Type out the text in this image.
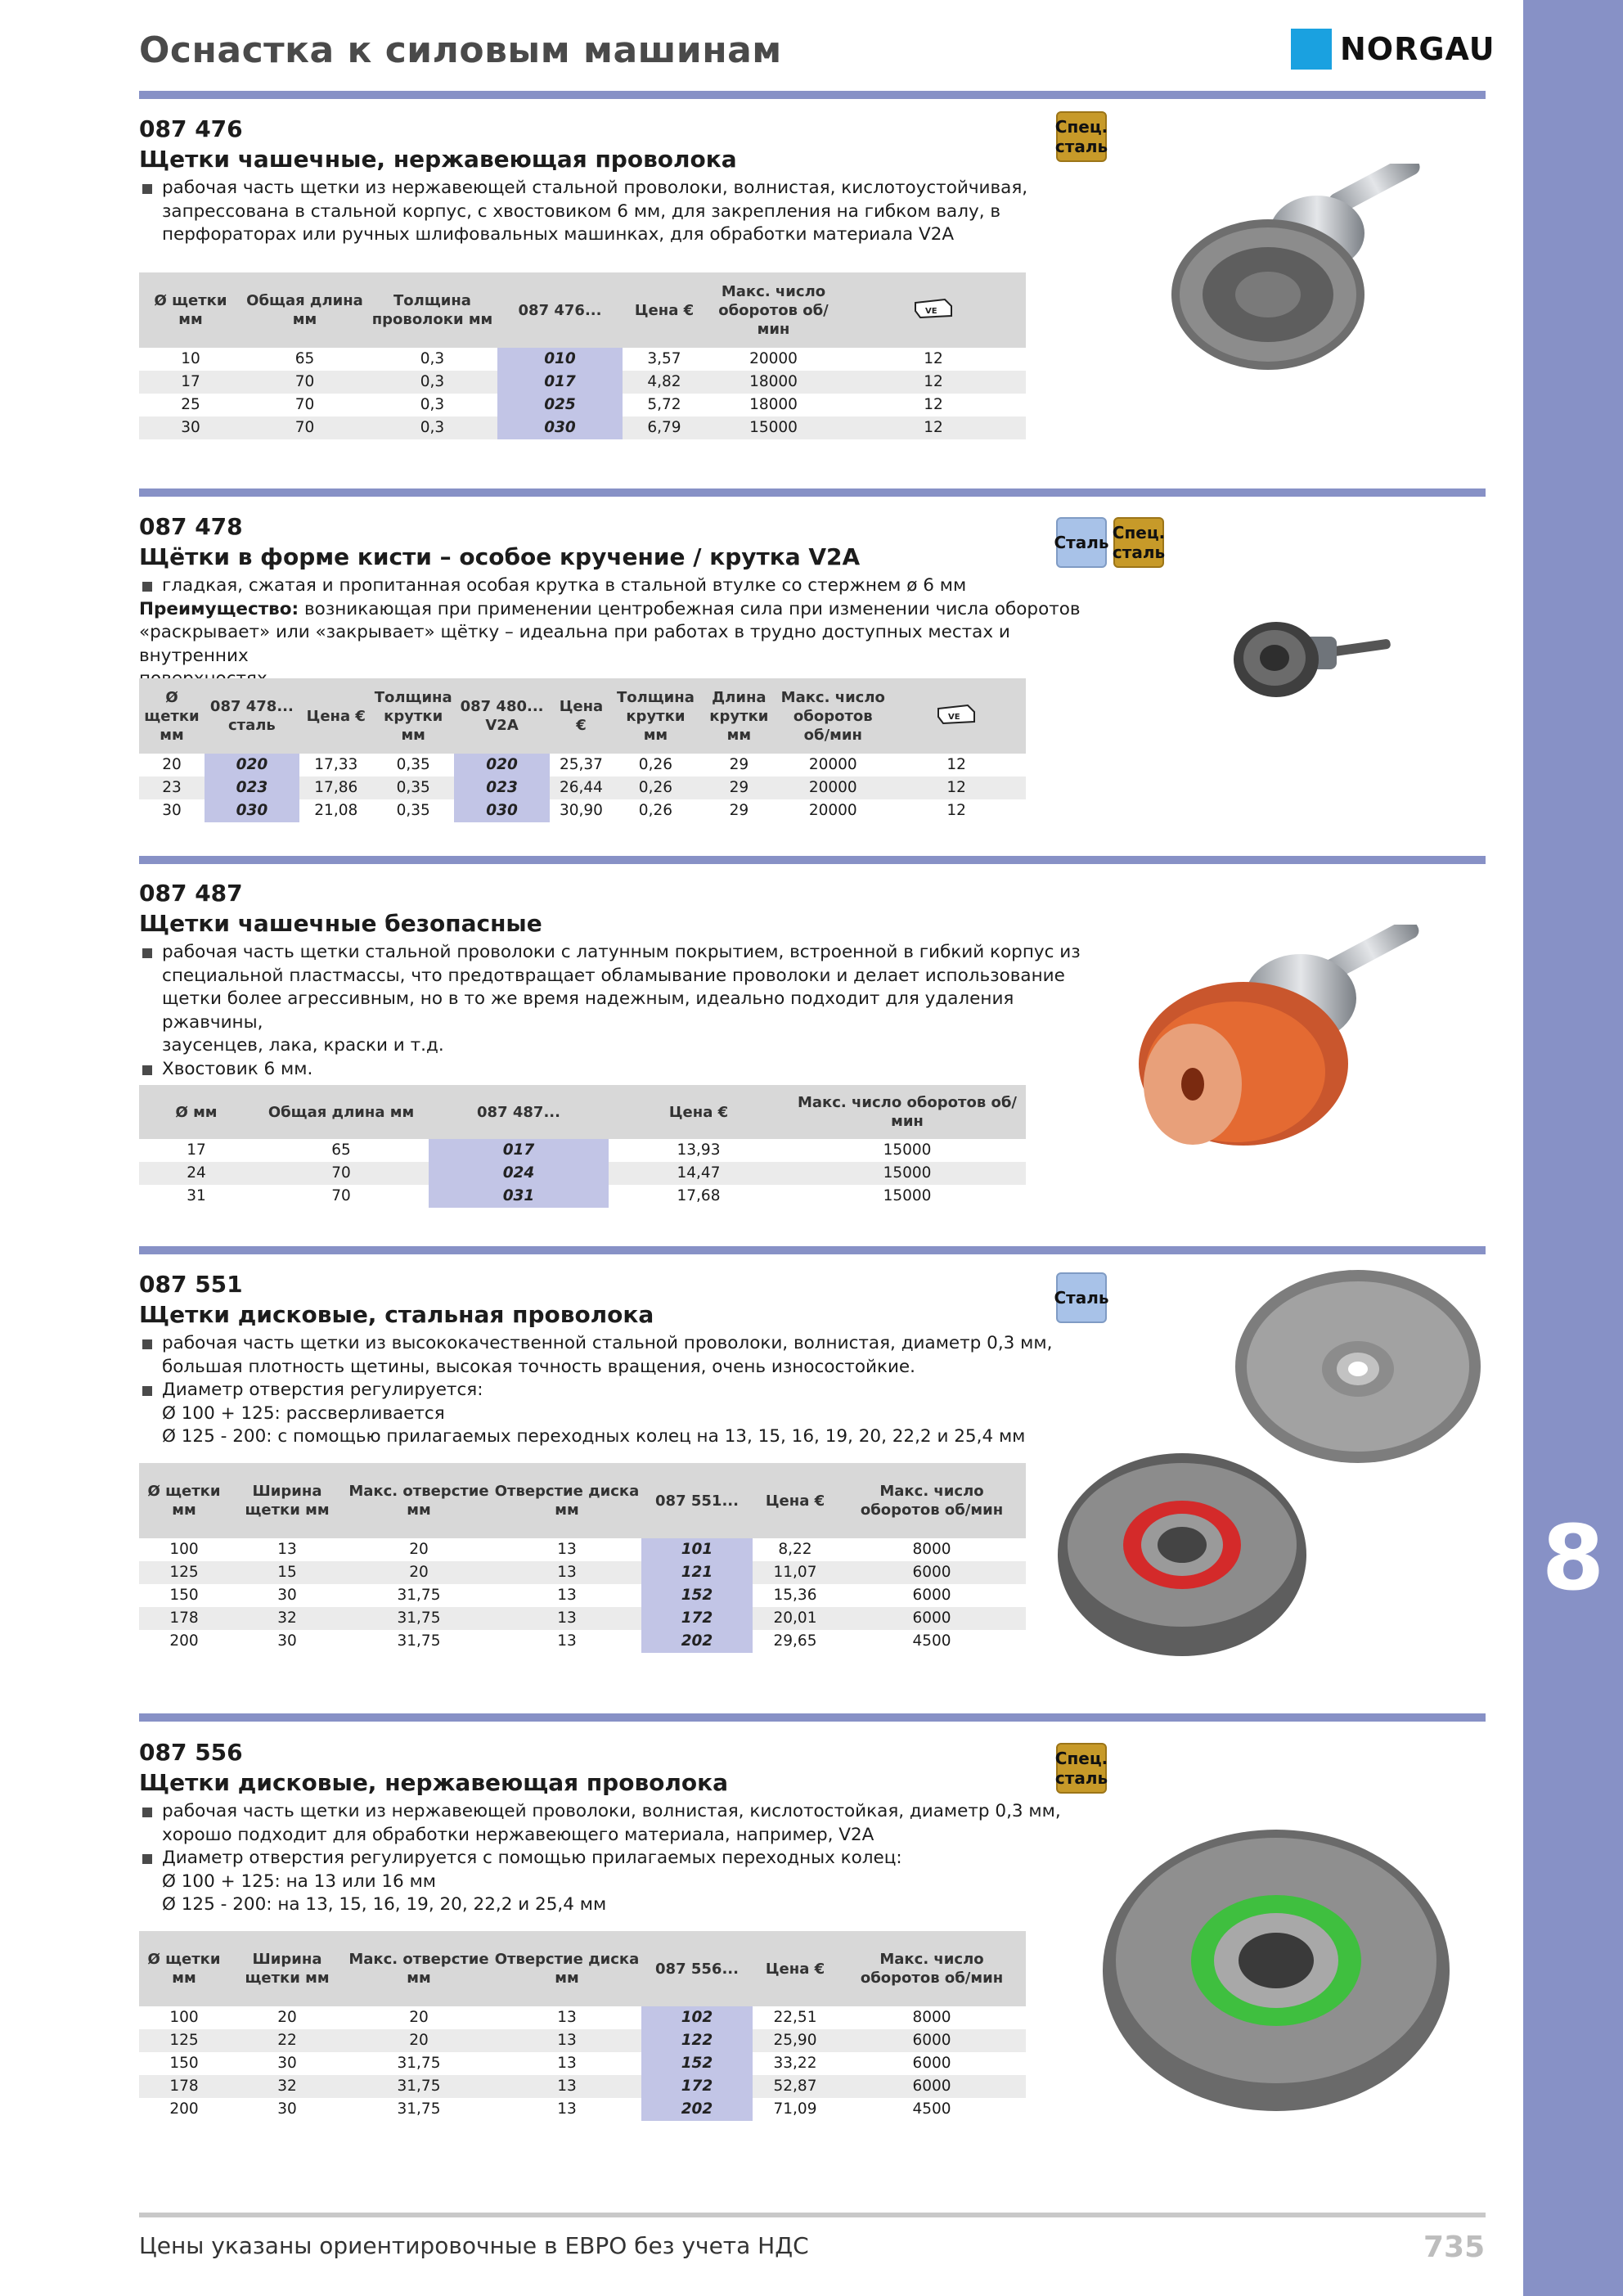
8
Оснастка к силовым машинам	NORGAU

087 476

Щетки чашечные, нержавеющая проволока

рабочая часть щетки из нержавеющей стальной проволоки, волнистая, кислотоустойчивая,
запрессована в стальной корпус, с хвостовиком 6 мм, для закрепления на гибком валу, в
перфораторах или ручных шлифовальных машинках, для обработки материала V2A
Спец. сталь
Ø щетки мм	Общая длина мм	Толщина проволоки мм	087 476...	Цена €	Макс. число оборотов об/мин	VE

10	65	0,3	010	3,57	20000	12
17	70	0,3	017	4,82	18000	12
25	70	0,3	025	5,72	18000	12
30	70	0,3	030	6,79	15000	12

087 478

Щётки в форме кисти – особое кручение / крутка V2A

гладкая, сжатая и пропитанная особая крутка в стальной втулке со стержнем ø 6 мм
Преимущество: возникающая при применении центробежная сила при изменении числа оборотов
«раскрывает» или «закрывает» щётку – идеальна при работах в трудно доступных местах и внутренних
Сталь Спец. сталь
Ø щетки мм	087 478... сталь	Цена €	Толщина крутки мм	087 480... V2A	Цена €	Толщина крутки мм	Длина крутки мм	Макс. число оборотов об/мин	VE

20	020	17,33	0,35	020	25,37	0,26	29	20000	12
23	023	17,86	0,35	023	26,44	0,26	29	20000	12
30	030	21,08	0,35	030	30,90	0,26	29	20000	12

087 487

Щетки чашечные безопасные

рабочая часть щетки стальной проволоки с латунным покрытием, встроенной в гибкий корпус из
специальной пластмассы, что предотвращает обламывание проволоки и делает использование
щетки более агрессивным, но в то же время надежным, идеально подходит для удаления ржавчины,
заусенцев, лака, краски и т.д.
Хвостовик 6 мм.
Ø мм	Общая длина мм	087 487...	Цена €	Макс. число оборотов об/мин
17	65	017	13,93	15000
24	70	024	14,47	15000
31	70	031	17,68	15000

087 551

Щетки дисковые, стальная проволока

рабочая часть щетки из высококачественной стальной проволоки, волнистая, диаметр 0,3 мм,
большая плотность щетины, высокая точность вращения, очень износостойкие.
Диаметр отверстия регулируется:
Ø 100 + 125: рассверливается
Ø 125 - 200: с помощью прилагаемых переходных колец на 13, 15, 16, 19, 20, 22,2 и 25,4 мм
Сталь
Ø щетки мм	Ширина щетки мм	Макс. отверстие мм	Отверстие диска мм	087 551...	Цена €	Макс. число оборотов об/мин
100	13	20	13	101	8,22	8000
125	15	20	13	121	11,07	6000
150	30	31,75	13	152	15,36	6000
178	32	31,75	13	172	20,01	6000
200	30	31,75	13	202	29,65	4500

087 556

Щетки дисковые, нержавеющая проволока

рабочая часть щетки из нержавеющей проволоки, волнистая, кислотостойкая, диаметр 0,3 мм,
хорошо подходит для обработки нержавеющего материала, например, V2A
Диаметр отверстия регулируется с помощью прилагаемых переходных колец:
Ø 100 + 125: на 13 или 16 мм
Ø 125 - 200: на 13, 15, 16, 19, 20, 22,2 и 25,4 мм
Спец. сталь
Ø щетки мм	Ширина щетки мм	Макс. отверстие мм	Отверстие диска мм	087 556...	Цена €	Макс. число оборотов об/мин
100	20	20	13	102	22,51	8000
125	22	20	13	122	25,90	6000
150	30	31,75	13	152	33,22	6000
178	32	31,75	13	172	52,87	6000
200	30	31,75	13	202	71,09	4500
Цены указаны ориентировочные в ЕВРО без учета НДС	735
